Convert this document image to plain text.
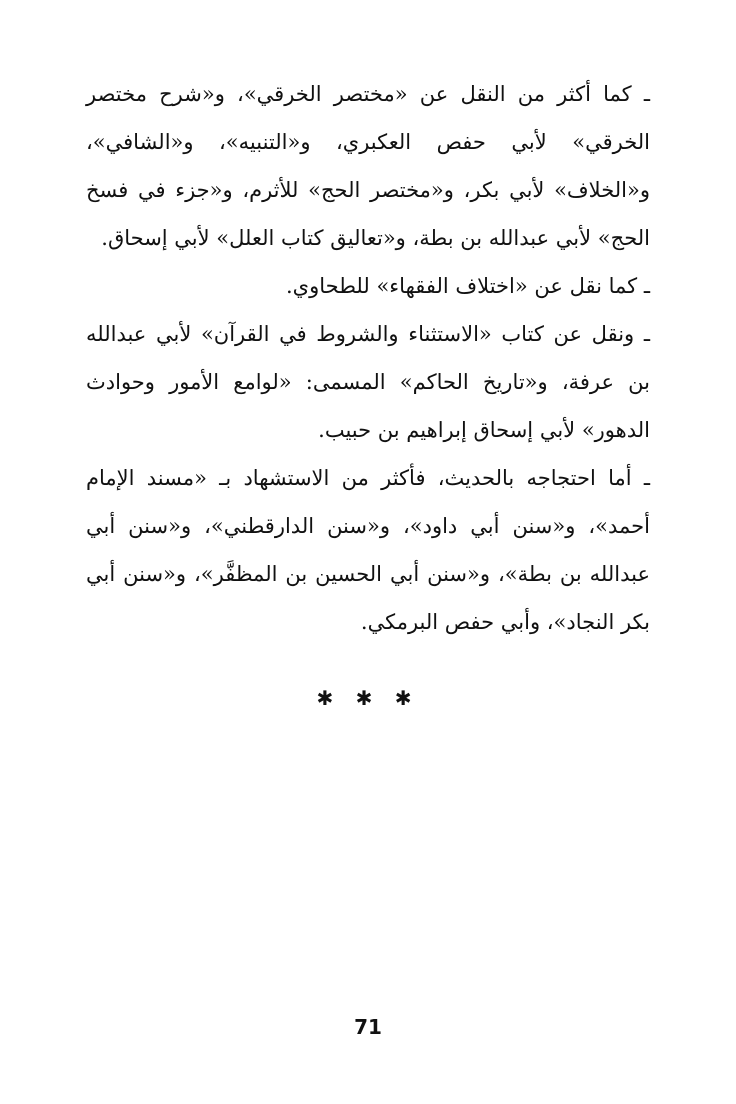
ـ كما أكثر من النقل عن «مختصر الخرقي»، و«شرح مختصر الخرقي» لأبي حفص العكبري، و«التنبيه»، و«الشافي»، و«الخلاف» لأبي بكر، و«مختصر الحج» للأثرم، و«جزء في فسخ الحج» لأبي عبدالله بن بطة، و«تعاليق كتاب العلل» لأبي إسحاق.

ـ كما نقل عن «اختلاف الفقهاء» للطحاوي.

ـ ونقل عن كتاب «الاستثناء والشروط في القرآن» لأبي عبدالله بن عرفة، و«تاريخ الحاكم» المسمى: «لوامع الأمور وحوادث الدهور» لأبي إسحاق إبراهيم بن حبيب.

ـ أما احتجاجه بالحديث، فأكثر من الاستشهاد بـ «مسند الإمام أحمد»، و«سنن أبي داود»، و«سنن الدارقطني»، و«سنن أبي عبدالله بن بطة»، و«سنن أبي الحسين بن المظفَّر»، و«سنن أبي بكر النجاد»، وأبي حفص البرمكي.

✱ ✱ ✱
71
